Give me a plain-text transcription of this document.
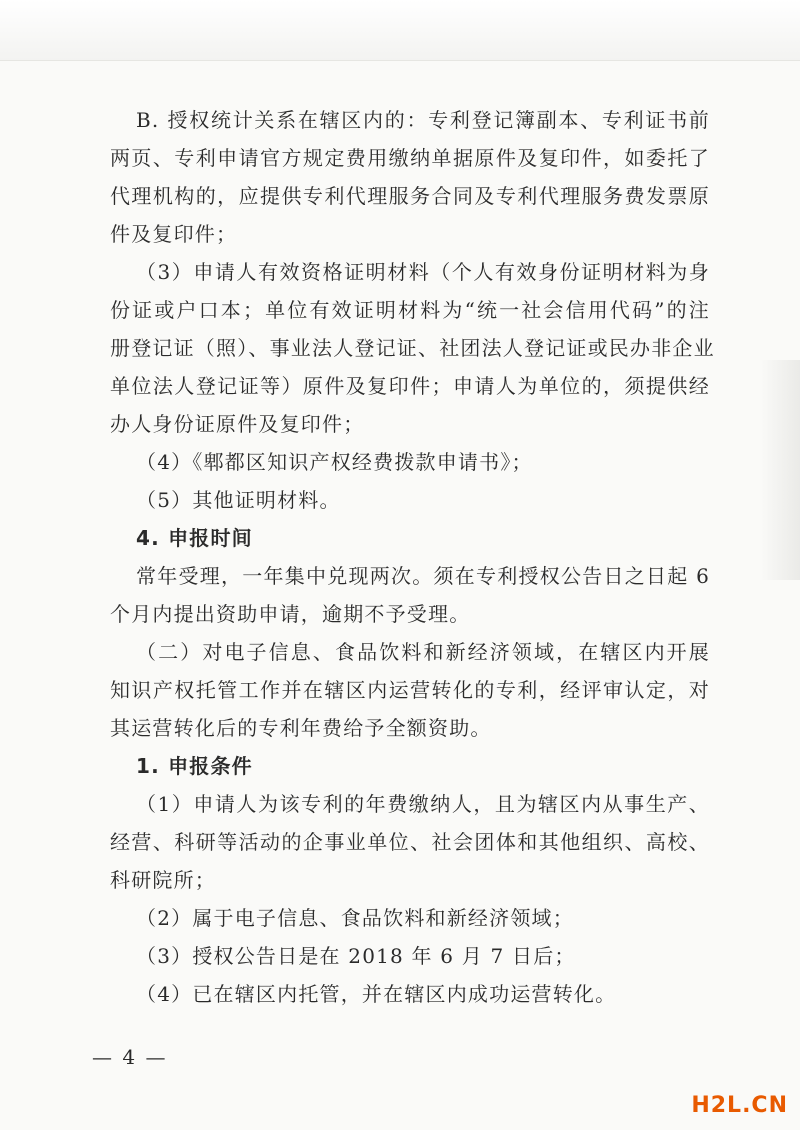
B. 授权统计关系在辖区内的：专利登记簿副本、专利证书前
两页、专利申请官方规定费用缴纳单据原件及复印件，如委托了
代理机构的，应提供专利代理服务合同及专利代理服务费发票原
件及复印件；
（3）申请人有效资格证明材料（个人有效身份证明材料为身
份证或户口本；单位有效证明材料为“统一社会信用代码”的注
册登记证（照）、事业法人登记证、社团法人登记证或民办非企业
单位法人登记证等）原件及复印件；申请人为单位的，须提供经
办人身份证原件及复印件；
（4）《郫都区知识产权经费拨款申请书》；
（5）其他证明材料。
4. 申报时间
常年受理，一年集中兑现两次。须在专利授权公告日之日起 6
个月内提出资助申请，逾期不予受理。
（二）对电子信息、食品饮料和新经济领域，在辖区内开展
知识产权托管工作并在辖区内运营转化的专利，经评审认定，对
其运营转化后的专利年费给予全额资助。
1. 申报条件
（1）申请人为该专利的年费缴纳人，且为辖区内从事生产、
经营、科研等活动的企事业单位、社会团体和其他组织、高校、
科研院所；
（2）属于电子信息、食品饮料和新经济领域；
（3）授权公告日是在 2018 年 6 月 7 日后；
（4）已在辖区内托管，并在辖区内成功运营转化。
— 4 —
H2L.CN
